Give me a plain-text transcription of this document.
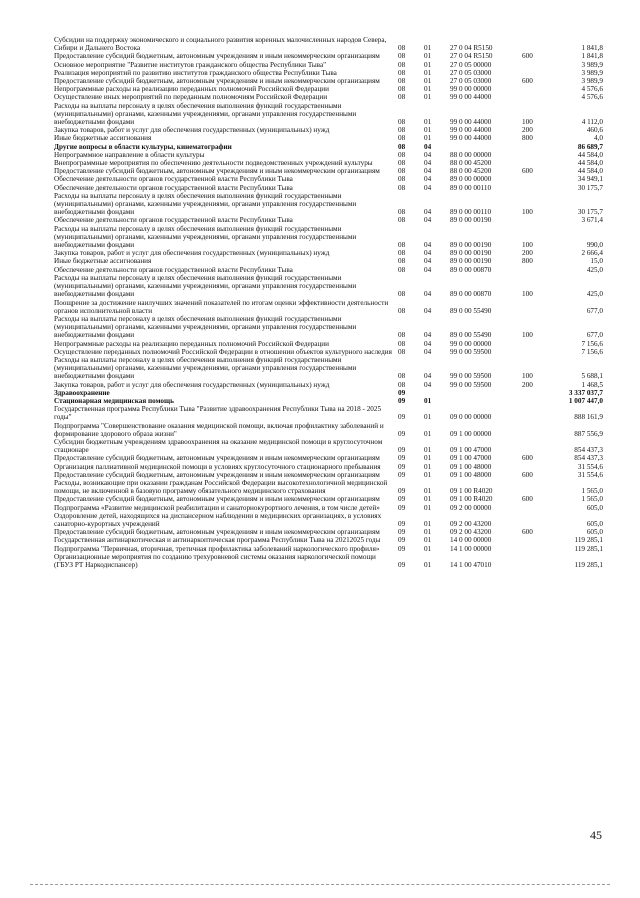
Субсидии на поддержку экономического и социального развития коренных малочисленных народов Севера, Сибири и Дальнего Востока	08	01	27 0 04 R5150		1 841,8
Предоставление субсидий бюджетным, автономным учреждениям и иным некоммерческим организациям	08	01	27 0 04 R5150	600	1 841,8
Основное мероприятие "Развитие институтов гражданского общества Республики Тыва"	08	01	27 0 05 00000		3 989,9
Реализация мероприятий по развитию институтов гражданского общества Республики Тыва	08	01	27 0 05 03000		3 989,9
Предоставление субсидий бюджетным, автономным учреждениям и иным некоммерческим организациям	08	01	27 0 05 03000	600	3 989,9
Непрограммные расходы на реализацию переданных полномочий Российской Федерации	08	01	99 0 00 00000		4 576,6
Осуществление иных мероприятий по переданным полномочиям Российской Федерации	08	01	99 0 00 44000		4 576,6
Расходы на выплаты персоналу в целях обеспечения выполнения функций государственными (муниципальными) органами, казенными учреждениями, органами управления государственными внебюджетными фондами	08	01	99 0 00 44000	100	4 112,0
Закупка товаров, работ и услуг для обеспечения государственных (муниципальных) нужд	08	01	99 0 00 44000	200	460,6
Иные бюджетные ассигнования	08	01	99 0 00 44000	800	4,0
Другие вопросы в области культуры, кинематографии	08	04			86 689,7
Непрограммное направление в области культуры	08	04	88 0 00 00000		44 584,0
Внепрограммные мероприятия по обеспечению деятельности подведомственных учреждений культуры	08	04	88 0 00 45200		44 584,0
Предоставление субсидий бюджетным, автономным учреждениям и иным некоммерческим организациям	08	04	88 0 00 45200	600	44 584,0
Обеспечение деятельности органов государственной власти Республики Тыва	08	04	89 0 00 00000		34 949,1
Обеспечение деятельности органов государственной власти Республики Тыва	08	04	89 0 00 00110		30 175,7
Расходы на выплаты персоналу в целях обеспечения выполнения функций государственными (муниципальными) органами, казенными учреждениями, органами управления государственными внебюджетными фондами	08	04	89 0 00 00110	100	30 175,7
Обеспечение деятельности органов государственной власти Республики Тыва	08	04	89 0 00 00190		3 671,4
Расходы на выплаты персоналу в целях обеспечения выполнения функций государственными (муниципальными) органами, казенными учреждениями, органами управления государственными внебюджетными фондами	08	04	89 0 00 00190	100	990,0
Закупка товаров, работ и услуг для обеспечения государственных (муниципальных) нужд	08	04	89 0 00 00190	200	2 666,4
Иные бюджетные ассигнования	08	04	89 0 00 00190	800	15,0
Обеспечение деятельности органов государственной власти Республики Тыва	08	04	89 0 00 00870		425,0
Расходы на выплаты персоналу в целях обеспечения выполнения функций государственными (муниципальными) органами, казенными учреждениями, органами управления государственными внебюджетными фондами	08	04	89 0 00 00870	100	425,0
Поощрение за достижение наилучших значений показателей по итогам оценки эффективности деятельности органов исполнительной власти	08	04	89 0 00 55490		677,0
Расходы на выплаты персоналу в целях обеспечения выполнения функций государственными (муниципальными) органами, казенными учреждениями, органами управления государственными внебюджетными фондами	08	04	89 0 00 55490	100	677,0
Непрограммные расходы на реализацию переданных полномочий Российской Федерации	08	04	99 0 00 00000		7 156,6
Осуществление переданных полномочий Российской Федерации в отношении объектов культурного наследия	08	04	99 0 00 59500		7 156,6
Расходы на выплаты персоналу в целях обеспечения выполнения функций государственными (муниципальными) органами, казенными учреждениями, органами управления государственными внебюджетными фондами	08	04	99 0 00 59500	100	5 688,1
Закупка товаров, работ и услуг для обеспечения государственных (муниципальных) нужд	08	04	99 0 00 59500	200	1 468,5
Здравоохранение	09				3 337 037,7
Стационарная медицинская помощь	09	01			1 007 447,0
Государственная программа Республики Тыва "Развитие здравоохранения Республики Тыва на 2018 - 2025 годы"	09	01	09 0 00 00000		888 161,9
Подпрограмма "Совершенствование оказания медицинской помощи, включая профилактику заболеваний и формирование здорового образа жизни"	09	01	09 1 00 00000		887 556,9
Субсидии бюджетным учреждениям здравоохранения на оказание медицинской помощи в круглосуточном стационаре	09	01	09 1 00 47000		854 437,3
Предоставление субсидий бюджетным, автономным учреждениям и иным некоммерческим организациям	09	01	09 1 00 47000	600	854 437,3
Организация паллиативной медицинской помощи в условиях круглосуточного стационарного пребывания	09	01	09 1 00 48000		31 554,6
Предоставление субсидий бюджетным, автономным учреждениям и иным некоммерческим организациям	09	01	09 1 00 48000	600	31 554,6
Расходы, возникающие при оказании гражданам Российской Федерации высокотехнологичной медицинской помощи, не включенной в базовую программу обязательного медицинского страхования	09	01	09 1 00 R4020		1 565,0
Предоставление субсидий бюджетным, автономным учреждениям и иным некоммерческим организациям	09	01	09 1 00 R4020	600	1 565,0
Подпрограмма «Развитие медицинской реабилитации и санаторнокурортного лечения, в том числе детей»	09	01	09 2 00 00000		605,0
Оздоровление детей, находящихся на диспансерном наблюдении в медицинских организациях, в условиях санаторно-курортных учреждений	09	01	09 2 00 43200		605,0
Предоставление субсидий бюджетным, автономным учреждениям и иным некоммерческим организациям	09	01	09 2 00 43200	600	605,0
Государственная антинаркотическая и антинаркоптическая программа Республики Тыва на 20212025 годы	09	01	14 0 00 00000		119 285,1
Подпрограмма "Первичная, вторичная, третичная профилактика заболеваний наркологического профиля»	09	01	14 1 00 00000		119 285,1
Организационные мероприятия по созданию трехуровневой системы оказания наркологической помощи (ГБУЗ РТ Наркодиспансер)	09	01	14 1 00 47010		119 285,1
45
